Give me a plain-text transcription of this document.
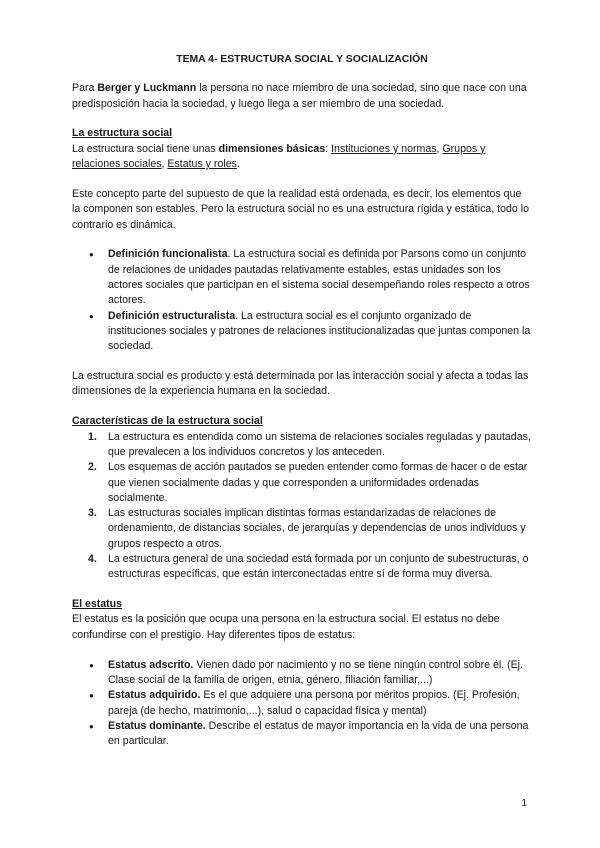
TEMA 4- ESTRUCTURA SOCIAL Y SOCIALIZACIÓN

Para Berger y Luckmann la persona no nace miembro de una sociedad, sino que nace con una predisposición hacia la sociedad, y luego llega a ser miembro de una sociedad.

La estructura social

La estructura social tiene unas dimensiones básicas: Instituciones y normas, Grupos y relaciones sociales, Estatus y roles.

Este concepto parte del supuesto de que la realidad está ordenada, es decir, los elementos que la componen son estables. Pero la estructura social no es una estructura rígida y estática, todo lo

contrario es dinámica.

● Definición funcionalista. La estructura social es definida por Parsons como un conjunto de relaciones de unidades pautadas relativamente estables, estas unidades son los actores sociales que participan en el sistema social desempeñando roles respecto a otros actores.
● Definición estructuralista. La estructura social es el conjunto organizado de instituciones sociales y patrones de relaciones institucionalizadas que juntas componen la sociedad.

La estructura social es producto y está determinada por las interacción social y afecta a todas las dimensiones de la experiencia humana en la sociedad.

Características de la estructura social

1. La estructura es entendida como un sistema de relaciones sociales reguladas y pautadas, que prevalecen a los individuos concretos y los anteceden.
2. Los esquemas de acción pautados se pueden entender como formas de hacer o de estar que vienen socialmente dadas y que corresponden a uniformidades ordenadas socialmente.
3. Las estructuras sociales implican distintas formas estandarizadas de relaciones de ordenamiento, de distancias sociales, de jerarquías y dependencias de unos individuos y grupos respecto a otros.
4. La estructura general de una sociedad está formada por un conjunto de subestructuras, o estructuras específicas, que están interconectadas entre sí de forma muy diversa.

El estatus

El estatus es la posición que ocupa una persona en la estructura social. El estatus no debe confundirse con el prestigio. Hay diferentes tipos de estatus:

● Estatus adscrito. Vienen dado por nacimiento y no se tiene ningún control sobre él. (Ej. Clase social de la familia de origen, etnia, género, filiación familiar,...)
● Estatus adquirido. Es el que adquiere una persona por méritos propios. (Ej. Profesión, pareja (de hecho, matrimonio,...), salud o capacidad física y mental)
● Estatus dominante. Describe el estatus de mayor importancia en la vida de una persona en particular.
1
